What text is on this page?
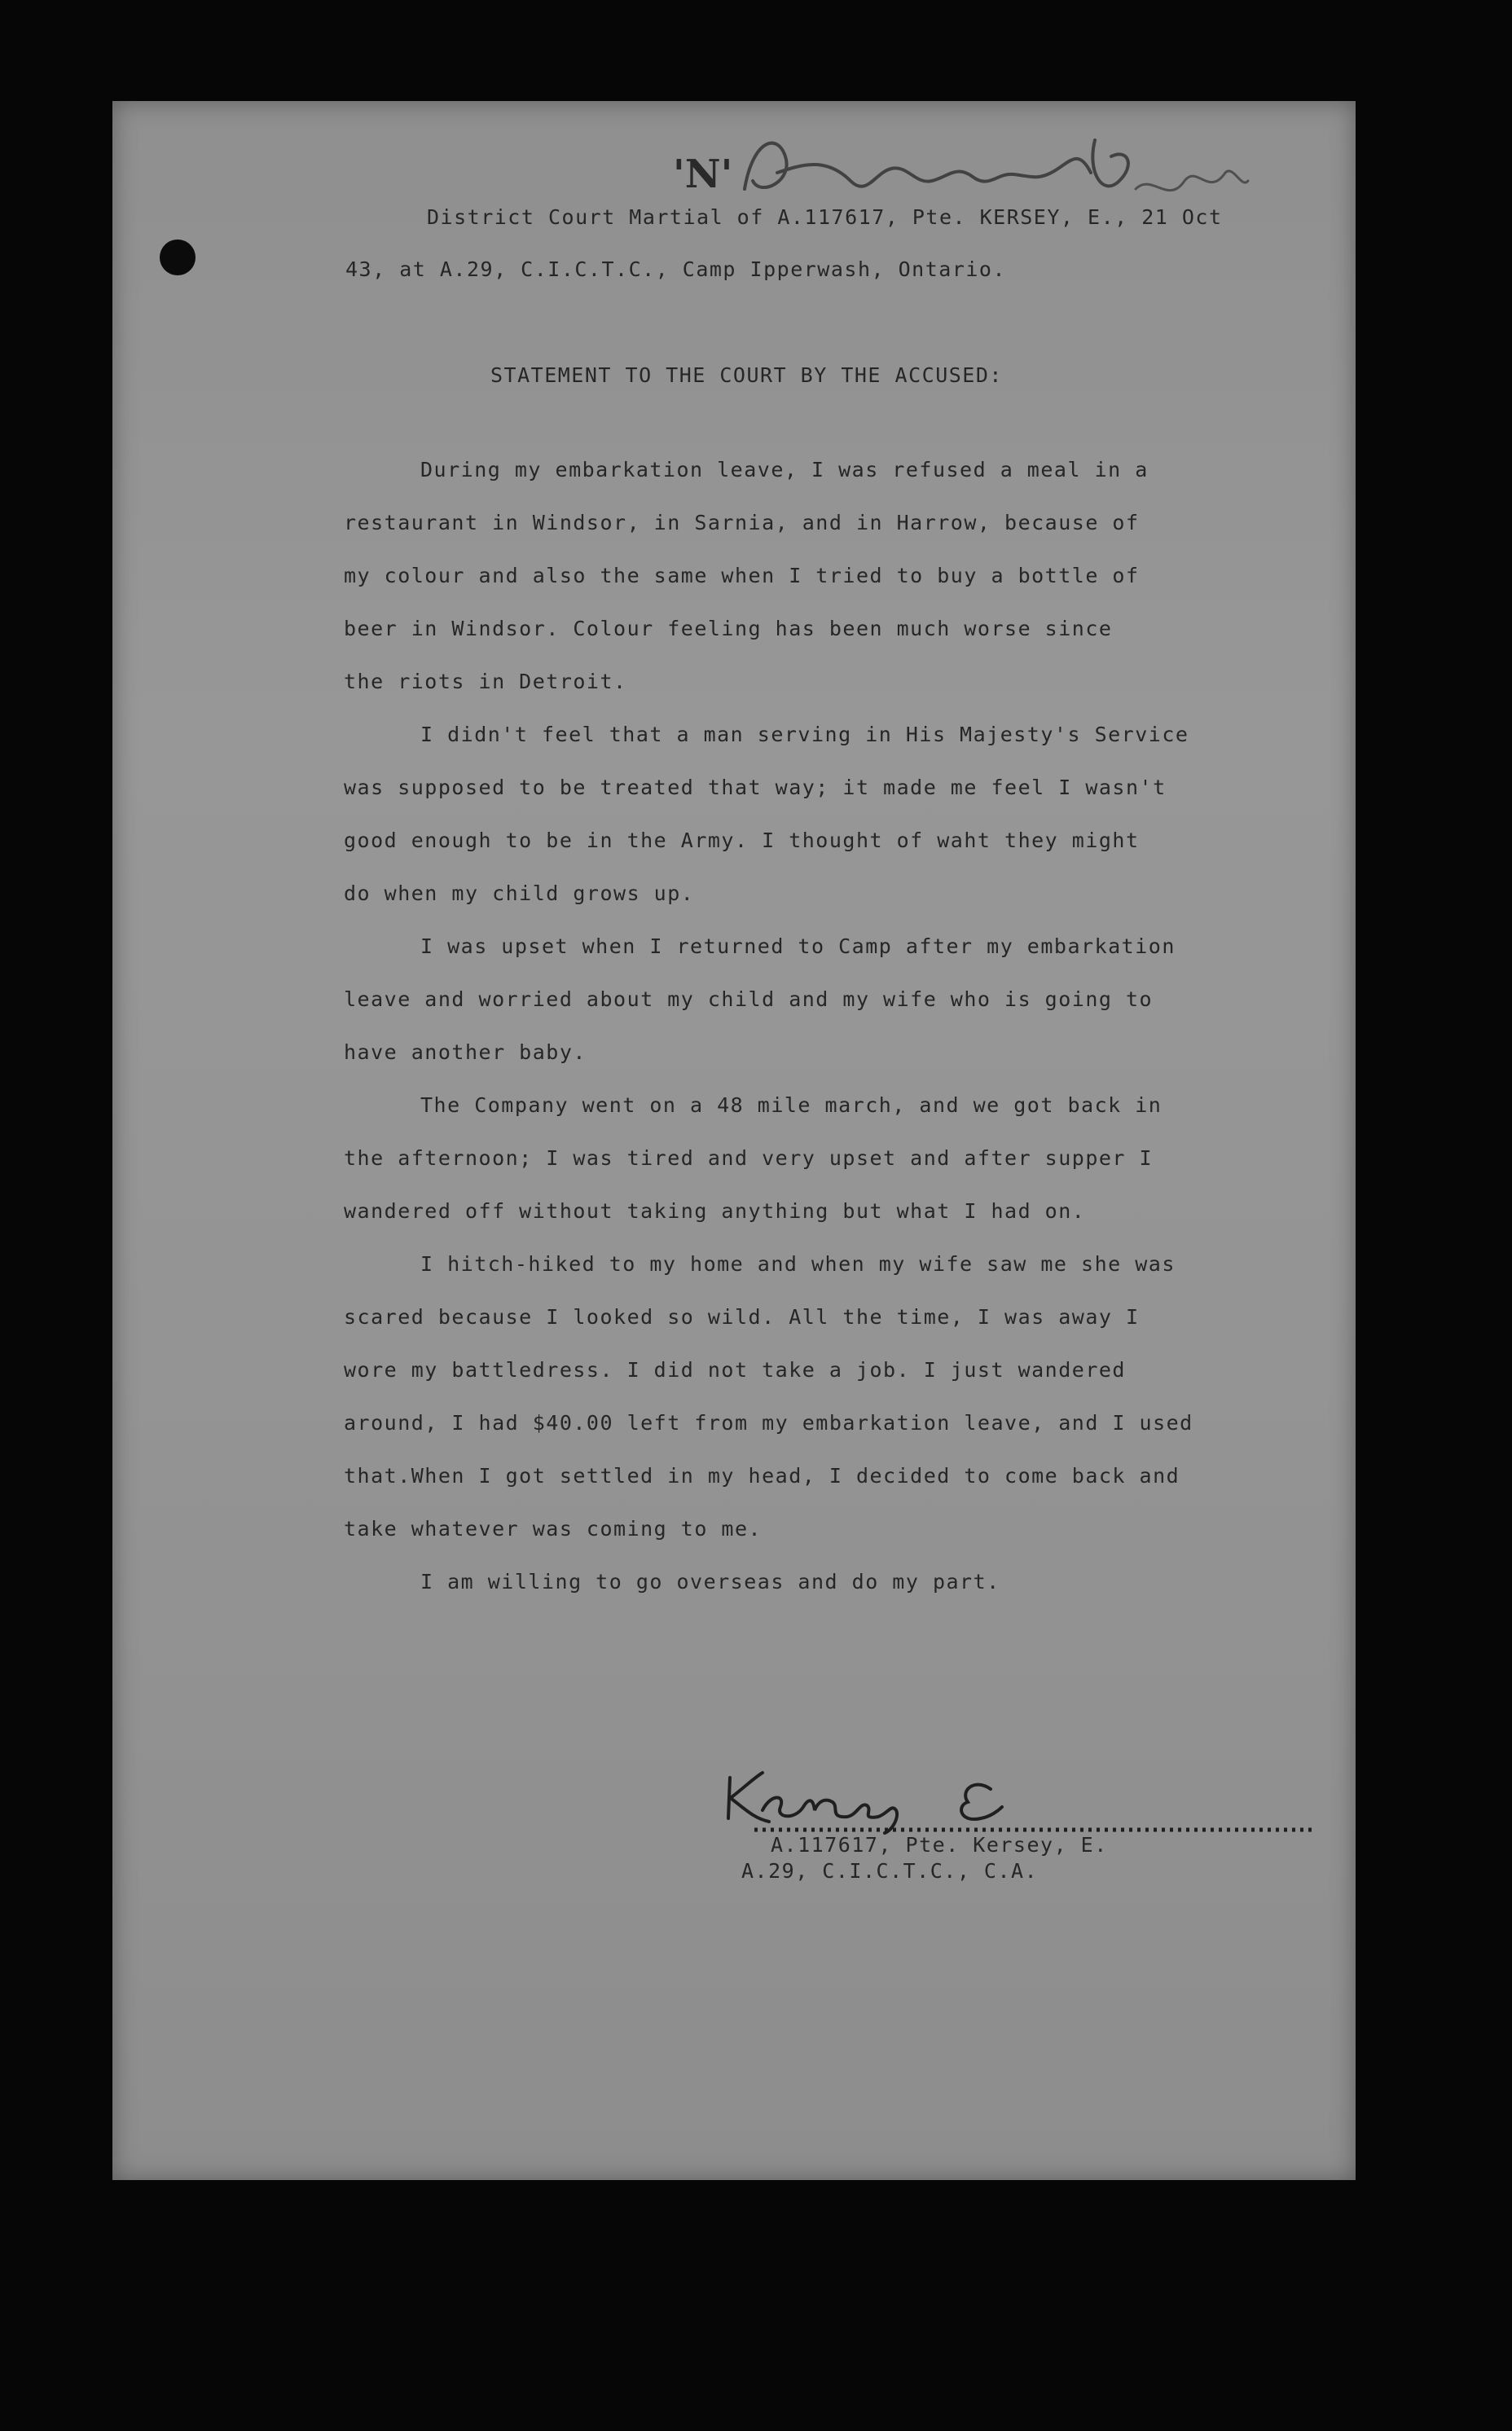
'N'
District Court Martial of A.117617, Pte. KERSEY, E., 21 Oct
43, at A.29, C.I.C.T.C., Camp Ipperwash, Ontario.
STATEMENT TO THE COURT BY THE ACCUSED:
During my embarkation leave, I was refused a meal in a
restaurant in Windsor, in Sarnia, and in Harrow, because of
my colour and also the same when I tried to buy a bottle of
beer in Windsor. Colour feeling has been much worse since
the riots in Detroit.
I didn't feel that a man serving in His Majesty's Service
was supposed to be treated that way; it made me feel I wasn't
good enough to be in the Army. I thought of waht they might
do when my child grows up.
I was upset when I returned to Camp after my embarkation
leave and worried about my child and my wife who is going to
have another baby.
The Company went on a 48 mile march, and we got back in
the afternoon; I was tired and very upset and after supper I
wandered off without taking anything but what I had on.
I hitch-hiked to my home and when my wife saw me she was
scared because I looked so wild. All the time, I was away I
wore my battledress. I did not take a job. I just wandered
around, I had $40.00 left from my embarkation leave, and I used
that.When I got settled in my head, I decided to come back and
take whatever was coming to me.
I am willing to go overseas and do my part.
A.117617, Pte. Kersey, E.
A.29, C.I.C.T.C., C.A.
